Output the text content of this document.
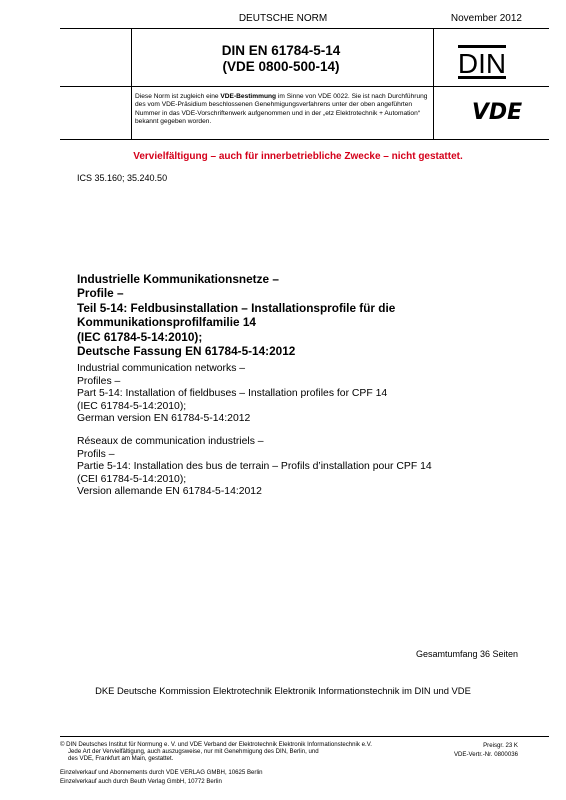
DEUTSCHE NORM	November 2012
DIN EN 61784-5-14
(VDE 0800-500-14)	DIN
Diese Norm ist zugleich eine VDE-Bestimmung im Sinne von VDE 0022. Sie ist nach Durchführung des vom VDE-Präsidium beschlossenen Genehmigungsverfahrens unter der oben angeführten Nummer in das VDE-Vorschriftenwerk aufgenommen und in der „etz Elektrotechnik + Automation“ bekannt gegeben worden.	VDE
Vervielfältigung – auch für innerbetriebliche Zwecke – nicht gestattet.
ICS 35.160; 35.240.50
Industrielle Kommunikationsnetze –
Profile –
Teil 5-14: Feldbusinstallation – Installationsprofile für die
Kommunikationsprofilfamilie 14
(IEC 61784-5-14:2010);
Deutsche Fassung EN 61784-5-14:2012
Industrial communication networks –
Profiles –
Part 5-14: Installation of fieldbuses – Installation profiles for CPF 14
(IEC 61784-5-14:2010);
German version EN 61784-5-14:2012
Réseaux de communication industriels –
Profils –
Partie 5-14: Installation des bus de terrain – Profils d’installation pour CPF 14
(CEI 61784-5-14:2010);
Version allemande EN 61784-5-14:2012
Gesamtumfang 36 Seiten
DKE Deutsche Kommission Elektrotechnik Elektronik Informationstechnik im DIN und VDE
© DIN Deutsches Institut für Normung e. V. und VDE Verband der Elektrotechnik Elektronik Informationstechnik e.V.
Jede Art der Vervielfältigung, auch auszugsweise, nur mit Genehmigung des DIN, Berlin, und
des VDE, Frankfurt am Main, gestattet.
Einzelverkauf und Abonnements durch VDE VERLAG GMBH, 10625 Berlin
Einzelverkauf auch durch Beuth Verlag GmbH, 10772 Berlin
Preisgr. 23 K
VDE-Vertr.-Nr. 0800036
